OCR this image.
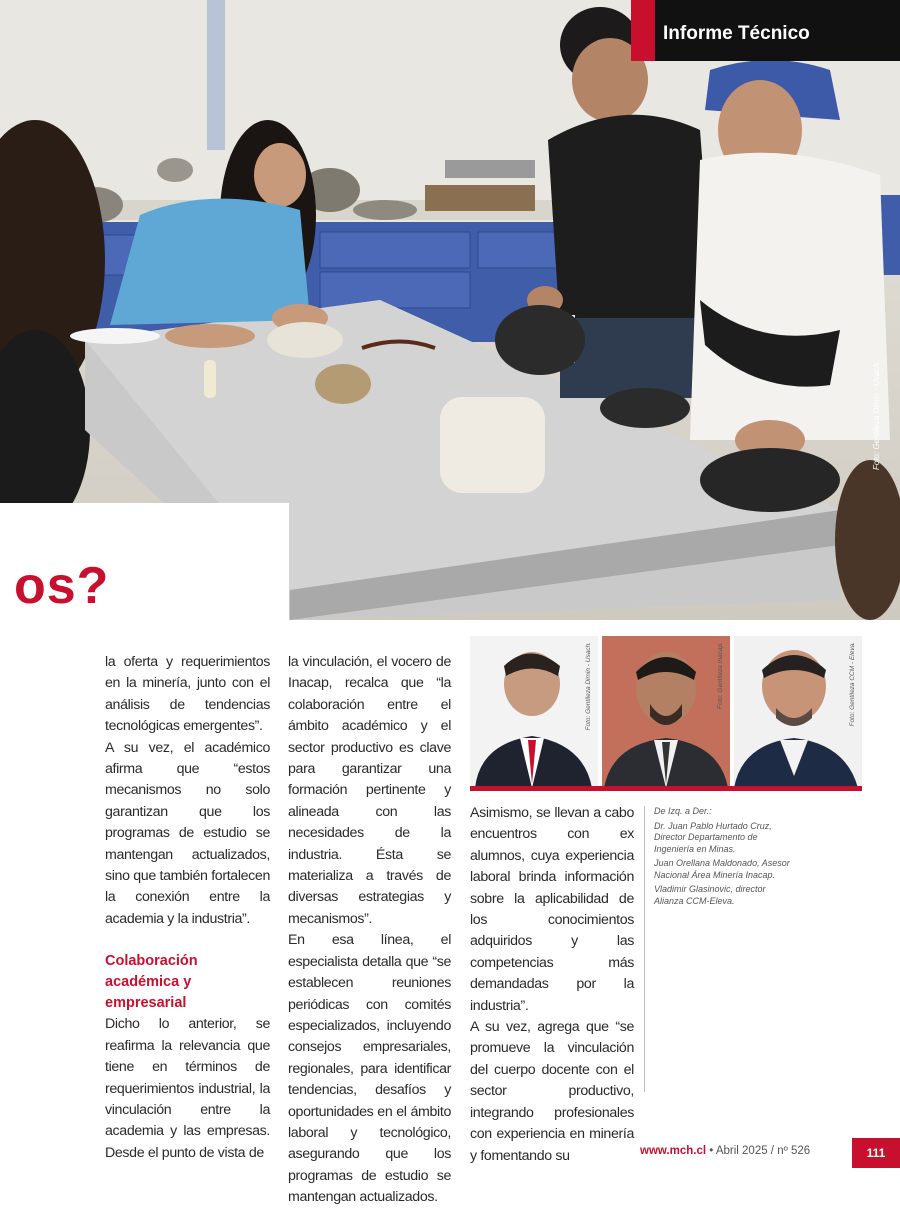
Foto: Gentileza Dimin - Usach.
Informe Técnico
os?

la oferta y requerimientos en la minería, junto con el análisis de tendencias tecnológicas emergentes”.

A su vez, el académico afirma que “estos mecanismos no solo garantizan que los programas de estudio se mantengan actualizados, sino que también fortalecen la conexión entre la academia y la industria”.

Colaboración académica y empresarial

Dicho lo anterior, se reafirma la relevancia que tiene en términos de requerimientos industrial, la vinculación entre la academia y las empresas. Desde el punto de vista de

la vinculación, el vocero de Inacap, recalca que “la colaboración entre el ámbito académico y el sector productivo es clave para garantizar una formación pertinente y alineada con las necesidades de la industria. Ésta se materializa a través de diversas estrategias y mecanismos”.

En esa línea, el especialista detalla que “se establecen reuniones periódicas con comités especializados, incluyendo consejos empresariales, regionales, para identificar tendencias, desafíos y oportunidades en el ámbito laboral y tecnológico, asegurando que los programas de estudio se mantengan actualizados.

Foto: Gentileza Dimin - Usach.	Foto: Gentileza Inacap.	Foto: Gentileza CCM - Eleva.

Asimismo, se llevan a cabo encuentros con ex alumnos, cuya experiencia laboral brinda información sobre la aplicabilidad de los conocimientos adquiridos y las competencias más demandadas por la industria”.

A su vez, agrega que “se promueve la vinculación del cuerpo docente con el sector productivo, integrando profesionales con experiencia en minería y fomentando su

De Izq. a Der.:

Dr. Juan Pablo Hurtado Cruz, Director Departamento de Ingeniería en Minas.

Juan Orellana Maldonado, Asesor Nacional Área Minería Inacap.

Vladimir Glasinovic, director Alianza CCM-Eleva.

www.mch.cl • Abril 2025 / nº 526	111
